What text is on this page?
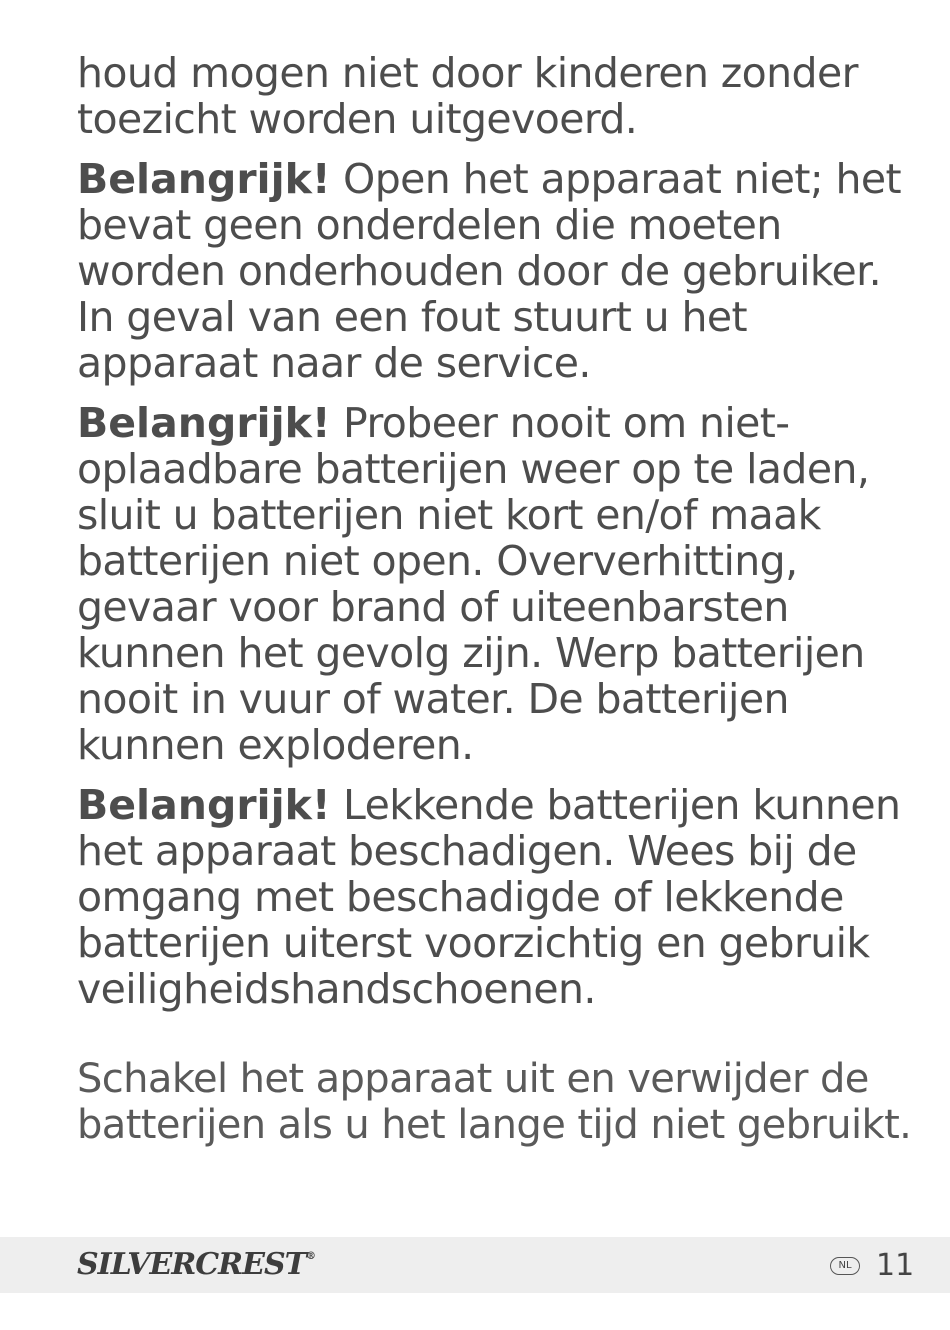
houd mogen niet door kinderen zonder toezicht worden uitgevoerd.

Belangrijk! Open het apparaat niet; het bevat geen onderdelen die moeten worden onderhouden door de gebruiker. In geval van een fout stuurt u het apparaat naar de service.

Belangrijk! Probeer nooit om niet-oplaadbare batterijen weer op te laden, sluit u batterijen niet kort en/of maak batterijen niet open. Oververhitting, gevaar voor brand of uiteenbarsten kunnen het gevolg zijn. Werp batterijen nooit in vuur of water. De batterijen kunnen exploderen.

Belangrijk! Lekkende batterijen kunnen het apparaat beschadigen. Wees bij de omgang met beschadigde of lekkende batterijen uiterst voorzichtig en gebruik veiligheidshandschoenen.

Schakel het apparaat uit en verwijder de batterijen als u het lange tijd niet gebruikt.

SILVERCREST®
NL 11
